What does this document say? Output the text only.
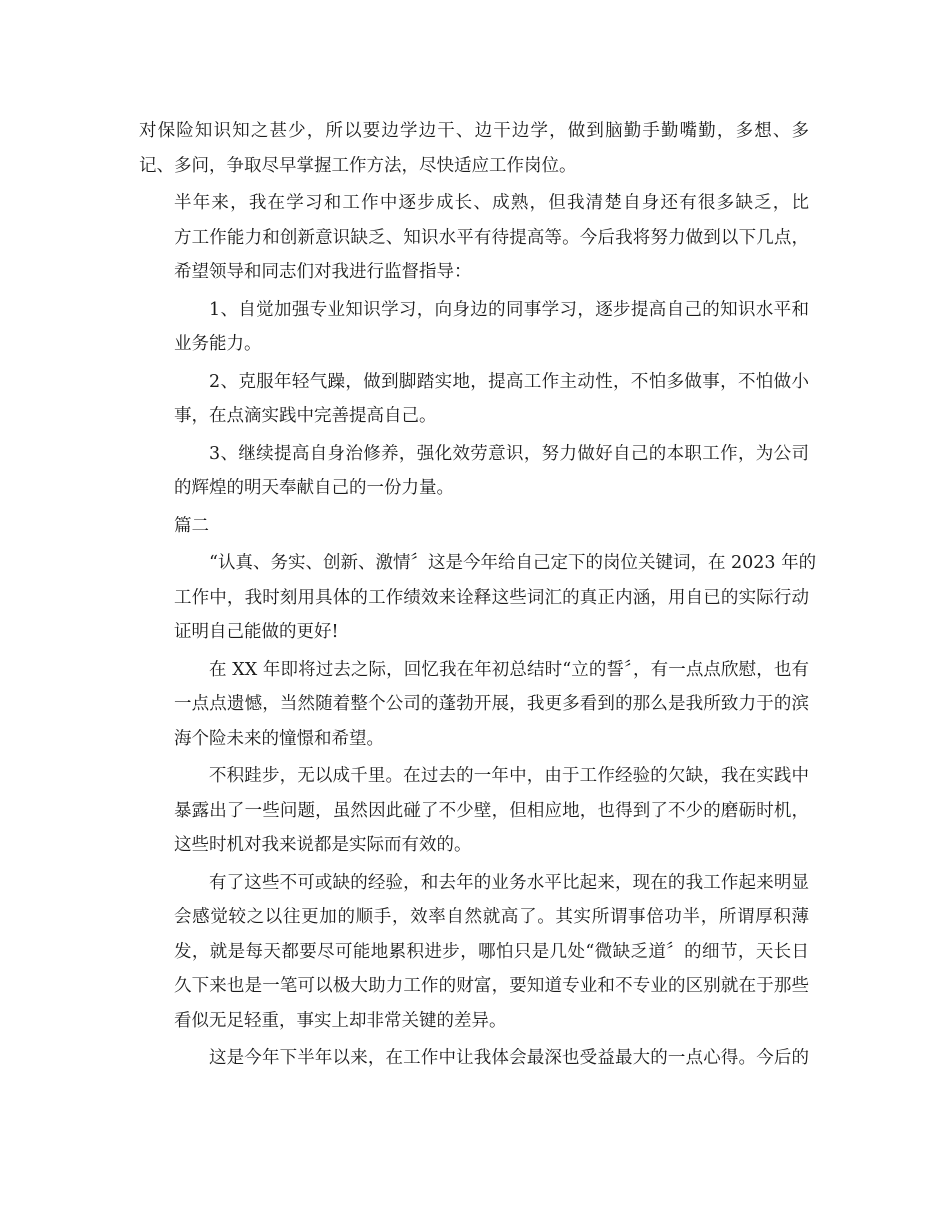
对保险知识知之甚少，所以要边学边干、边干边学，做到脑勤手勤嘴勤，多想、多
记、多问，争取尽早掌握工作方法，尽快适应工作岗位。
半年来，我在学习和工作中逐步成长、成熟，但我清楚自身还有很多缺乏，比
方工作能力和创新意识缺乏、知识水平有待提高等。今后我将努力做到以下几点，
希望领导和同志们对我进行监督指导：
1、自觉加强专业知识学习，向身边的同事学习，逐步提高自己的知识水平和
业务能力。
2、克服年轻气躁，做到脚踏实地，提高工作主动性，不怕多做事，不怕做小
事，在点滴实践中完善提高自己。
3、继续提高自身治修养，强化效劳意识，努力做好自己的本职工作，为公司
的辉煌的明天奉献自己的一份力量。
篇二
“认真、务实、创新、激情〞这是今年给自己定下的岗位关键词，在 2023 年的
工作中，我时刻用具体的工作绩效来诠释这些词汇的真正内涵，用自已的实际行动
证明自己能做的更好!
在 XX 年即将过去之际，回忆我在年初总结时“立的誓〞，有一点点欣慰，也有
一点点遗憾，当然随着整个公司的蓬勃开展，我更多看到的那么是我所致力于的滨
海个险未来的憧憬和希望。
不积跬步，无以成千里。在过去的一年中，由于工作经验的欠缺，我在实践中
暴露出了一些问题，虽然因此碰了不少壁，但相应地，也得到了不少的磨砺时机，
这些时机对我来说都是实际而有效的。
有了这些不可或缺的经验，和去年的业务水平比起来，现在的我工作起来明显
会感觉较之以往更加的顺手，效率自然就高了。其实所谓事倍功半，所谓厚积薄
发，就是每天都要尽可能地累积进步，哪怕只是几处“微缺乏道〞的细节，天长日
久下来也是一笔可以极大助力工作的财富，要知道专业和不专业的区别就在于那些
看似无足轻重，事实上却非常关键的差异。
这是今年下半年以来，在工作中让我体会最深也受益最大的一点心得。今后的
